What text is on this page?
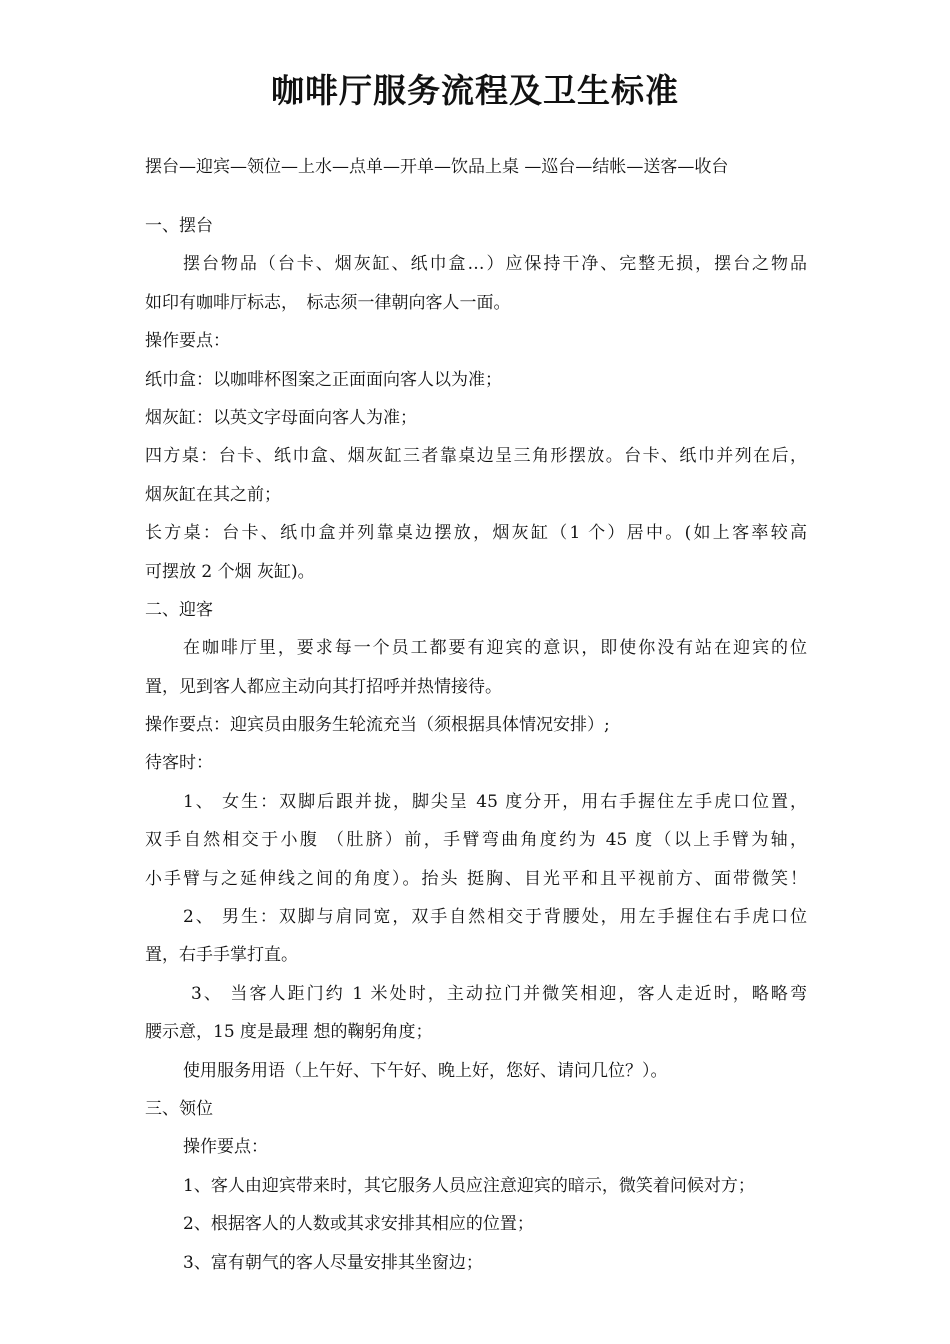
咖啡厅服务流程及卫生标准

摆台—迎宾—领位—上水—点单—开单—饮品上桌 —巡台—结帐—送客—收台

一、摆台

摆台物品（台卡、烟灰缸、纸巾盒…）应保持干净、完整无损，摆台之物品

如印有咖啡厅标志，　标志须一律朝向客人一面。

操作要点：

纸巾盒：以咖啡杯图案之正面面向客人以为准；

烟灰缸：以英文字母面向客人为准；

四方桌：台卡、纸巾盒、烟灰缸三者靠桌边呈三角形摆放。台卡、纸巾并列在后，

烟灰缸在其之前；

长方桌：台卡、纸巾盒并列靠桌边摆放，烟灰缸（1 个）居中。(如上客率较高

可摆放 2 个烟 灰缸)。

二、迎客

在咖啡厅里，要求每一个员工都要有迎宾的意识，即使你没有站在迎宾的位

置，见到客人都应主动向其打招呼并热情接待。

操作要点：迎宾员由服务生轮流充当（须根据具体情况安排）;

待客时：

1、 女生：双脚后跟并拢，脚尖呈 45 度分开，用右手握住左手虎口位置，

双手自然相交于小腹 （肚脐）前，手臂弯曲角度约为 45 度（以上手臂为轴，

小手臂与之延伸线之间的角度）。抬头 挺胸、目光平和且平视前方、面带微笑！

2、 男生：双脚与肩同宽，双手自然相交于背腰处，用左手握住右手虎口位

置，右手手掌打直。

3、 当客人距门约 1 米处时，主动拉门并微笑相迎，客人走近时，略略弯

腰示意，15 度是最理 想的鞠躬角度；

使用服务用语（上午好、下午好、晚上好，您好、请问几位？）。

三、领位

操作要点：

1、客人由迎宾带来时，其它服务人员应注意迎宾的暗示，微笑着问候对方；

2、根据客人的人数或其求安排其相应的位置；

3、富有朝气的客人尽量安排其坐窗边；
